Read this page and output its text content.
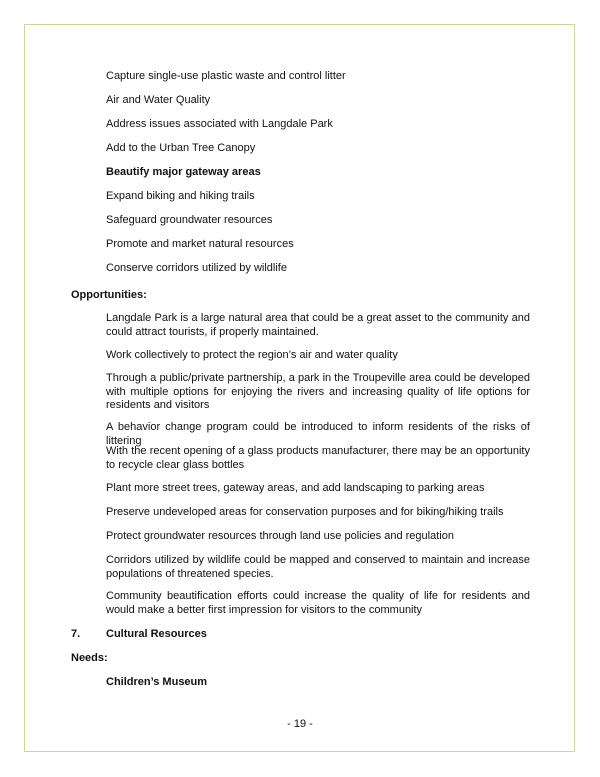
Capture single-use plastic waste and control litter
Air and Water Quality
Address issues associated with Langdale Park
Add to the Urban Tree Canopy
Beautify major gateway areas
Expand biking and hiking trails
Safeguard groundwater resources
Promote and market natural resources
Conserve corridors utilized by wildlife
Opportunities:
Langdale Park is a large natural area that could be a great asset to the community and could attract tourists, if properly maintained.
Work collectively to protect the region’s air and water quality
Through a public/private partnership, a park in the Troupeville area could be developed with multiple options for enjoying the rivers and increasing quality of life options for residents and visitors
A behavior change program could be introduced to inform residents of the risks of littering
With the recent opening of a glass products manufacturer, there may be an opportunity to recycle clear glass bottles
Plant more street trees, gateway areas, and add landscaping to parking areas
Preserve undeveloped areas for conservation purposes and for biking/hiking trails
Protect groundwater resources through land use policies and regulation
Corridors utilized by wildlife could be mapped and conserved to maintain and increase populations of threatened species.
Community beautification efforts could increase the quality of life for residents and would make a better first impression for visitors to the community
7. Cultural Resources
Needs:
Children’s Museum
- 19 -
